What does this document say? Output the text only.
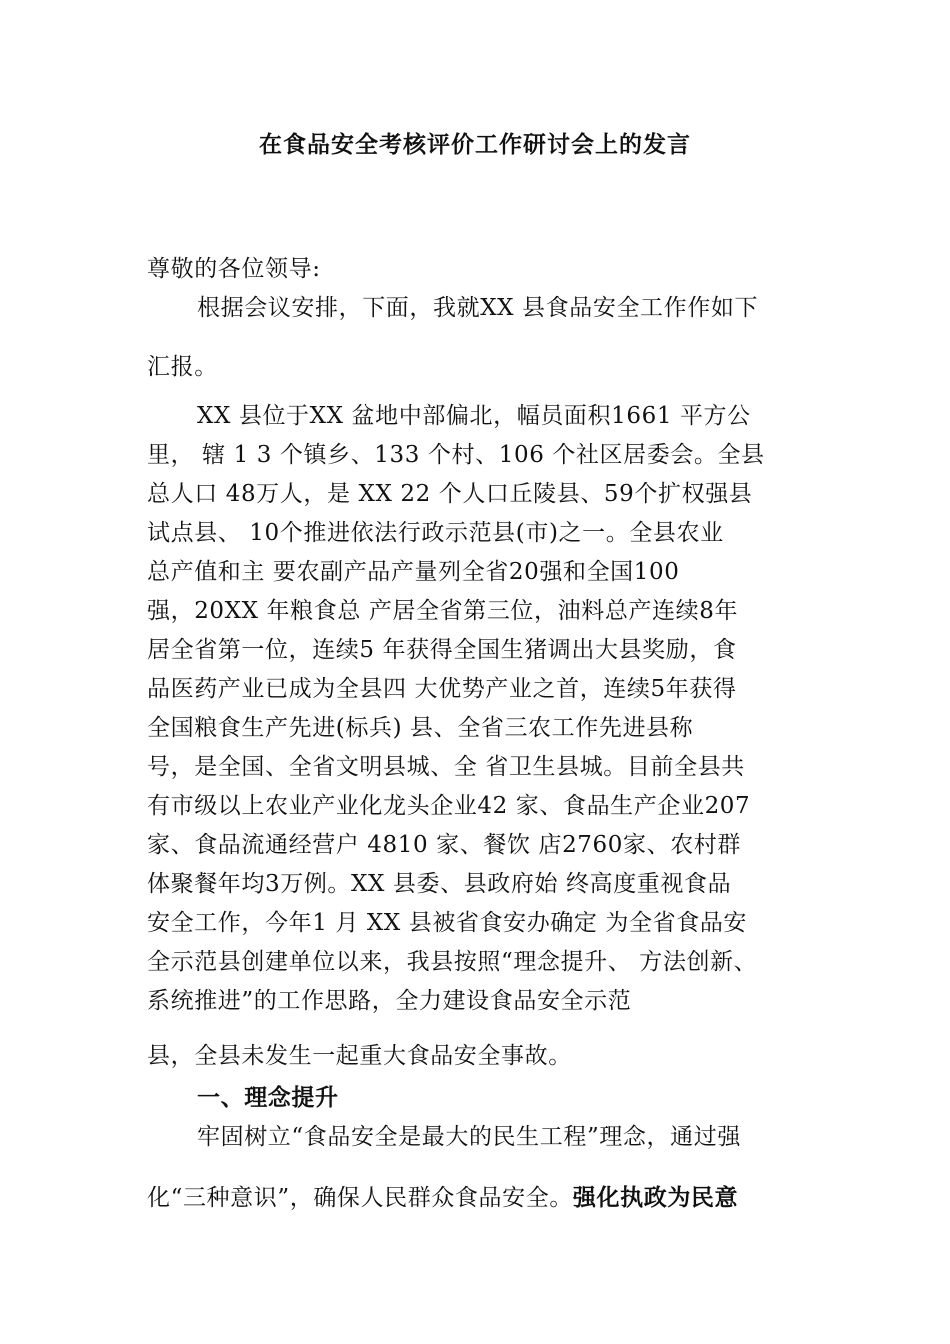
在食品安全考核评价工作研讨会上的发言
尊敬的各位领导:
根据会议安排，下面，我就XX 县食品安全工作作如下
汇报。
XX 县位于XX 盆地中部偏北，幅员面积1661 平方公
里， 辖 1 3 个镇乡、133 个村、106 个社区居委会。全县
总人口 48万人，是 XX 22 个人口丘陵县、59个扩权强县
试点县、 10个推进依法行政示范县(市)之一。全县农业
总产值和主 要农副产品产量列全省20强和全国100
强，20XX 年粮食总 产居全省第三位，油料总产连续8年
居全省第一位，连续5 年获得全国生猪调出大县奖励，食
品医药产业已成为全县四 大优势产业之首，连续5年获得
全国粮食生产先进(标兵) 县、全省三农工作先进县称
号，是全国、全省文明县城、全 省卫生县城。目前全县共
有市级以上农业产业化龙头企业42 家、食品生产企业207
家、食品流通经营户 4810 家、餐饮 店2760家、农村群
体聚餐年均3万例。XX 县委、县政府始 终高度重视食品
安全工作，今年1 月 XX 县被省食安办确定 为全省食品安
全示范县创建单位以来，我县按照“理念提升、 方法创新、
系统推进”的工作思路，全力建设食品安全示范
县，全县未发生一起重大食品安全事故。
一、理念提升
牢固树立“食品安全是最大的民生工程”理念，通过强
化“三种意识”，确保人民群众食品安全。强化执政为民意
